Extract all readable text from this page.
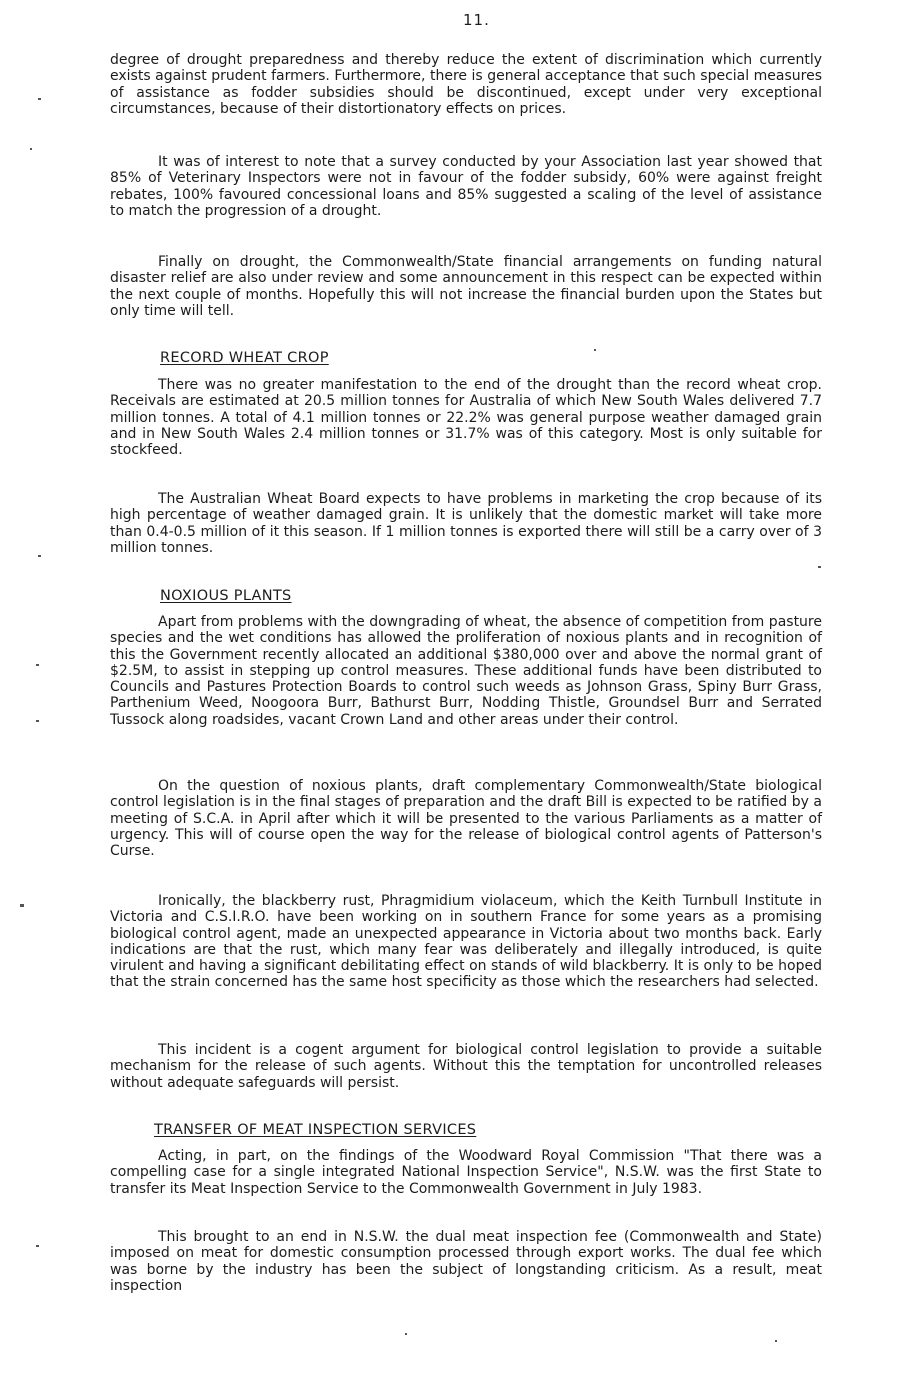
11.

degree of drought preparedness and thereby reduce the extent of discrimination which currently exists against prudent farmers. Furthermore, there is general acceptance that such special measures of assistance as fodder subsidies should be discontinued, except under very exceptional circumstances, because of their distortionatory effects on prices.

It was of interest to note that a survey conducted by your Association last year showed that 85% of Veterinary Inspectors were not in favour of the fodder subsidy, 60% were against freight rebates, 100% favoured concessional loans and 85% suggested a scaling of the level of assistance to match the progression of a drought.

Finally on drought, the Commonwealth/State financial arrangements on funding natural disaster relief are also under review and some announcement in this respect can be expected within the next couple of months. Hopefully this will not increase the financial burden upon the States but only time will tell.

RECORD WHEAT CROP

There was no greater manifestation to the end of the drought than the record wheat crop. Receivals are estimated at 20.5 million tonnes for Australia of which New South Wales delivered 7.7 million tonnes. A total of 4.1 million tonnes or 22.2% was general purpose weather damaged grain and in New South Wales 2.4 million tonnes or 31.7% was of this category. Most is only suitable for stockfeed.

The Australian Wheat Board expects to have problems in marketing the crop because of its high percentage of weather damaged grain. It is unlikely that the domestic market will take more than 0.4-0.5 million of it this season. If 1 million tonnes is exported there will still be a carry over of 3 million tonnes.

NOXIOUS PLANTS

Apart from problems with the downgrading of wheat, the absence of competition from pasture species and the wet conditions has allowed the proliferation of noxious plants and in recognition of this the Government recently allocated an additional $380,000 over and above the normal grant of $2.5M, to assist in stepping up control measures. These additional funds have been distributed to Councils and Pastures Protection Boards to control such weeds as Johnson Grass, Spiny Burr Grass, Parthenium Weed, Noogoora Burr, Bathurst Burr, Nodding Thistle, Groundsel Burr and Serrated Tussock along roadsides, vacant Crown Land and other areas under their control.

On the question of noxious plants, draft complementary Commonwealth/State biological control legislation is in the final stages of preparation and the draft Bill is expected to be ratified by a meeting of S.C.A. in April after which it will be presented to the various Parliaments as a matter of urgency. This will of course open the way for the release of biological control agents of Patterson's Curse.

Ironically, the blackberry rust, Phragmidium violaceum, which the Keith Turnbull Institute in Victoria and C.S.I.R.O. have been working on in southern France for some years as a promising biological control agent, made an unexpected appearance in Victoria about two months back. Early indications are that the rust, which many fear was deliberately and illegally introduced, is quite virulent and having a significant debilitating effect on stands of wild blackberry. It is only to be hoped that the strain concerned has the same host specificity as those which the researchers had selected.

This incident is a cogent argument for biological control legislation to provide a suitable mechanism for the release of such agents. Without this the temptation for uncontrolled releases without adequate safeguards will persist.

TRANSFER OF MEAT INSPECTION SERVICES

Acting, in part, on the findings of the Woodward Royal Commission "That there was a compelling case for a single integrated National Inspection Service", N.S.W. was the first State to transfer its Meat Inspection Service to the Commonwealth Government in July 1983.

This brought to an end in N.S.W. the dual meat inspection fee (Commonwealth and State) imposed on meat for domestic consumption processed through export works. The dual fee which was borne by the industry has been the subject of longstanding criticism. As a result, meat inspection
